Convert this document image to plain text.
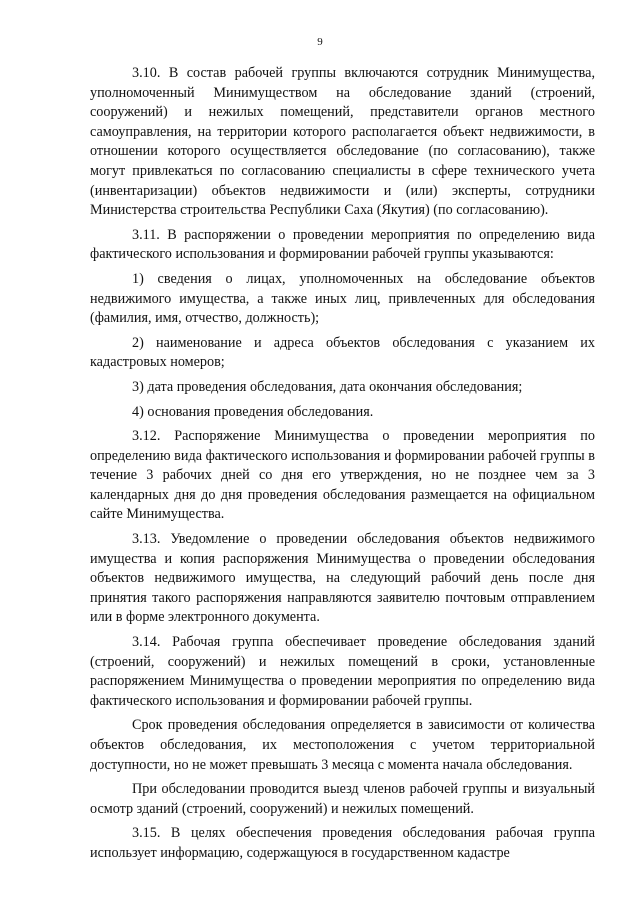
9

3.10. В состав рабочей группы включаются сотрудник Минимущества, уполномоченный Минимуществом на обследование зданий (строений, сооружений) и нежилых помещений, представители органов местного самоуправления, на территории которого располагается объект недвижимости, в отношении которого осуществляется обследование (по согласованию), также могут привлекаться по согласованию специалисты в сфере технического учета (инвентаризации) объектов недвижимости и (или) эксперты, сотрудники Министерства строительства Республики Саха (Якутия) (по согласованию).

3.11. В распоряжении о проведении мероприятия по определению вида фактического использования и формировании рабочей группы указываются:

1) сведения о лицах, уполномоченных на обследование объектов недвижимого имущества, а также иных лиц, привлеченных для обследования (фамилия, имя, отчество, должность);

2) наименование и адреса объектов обследования с указанием их кадастровых номеров;

3) дата проведения обследования, дата окончания обследования;

4) основания проведения обследования.

3.12. Распоряжение Минимущества о проведении мероприятия по определению вида фактического использования и формировании рабочей группы в течение 3 рабочих дней со дня его утверждения, но не позднее чем за 3 календарных дня до дня проведения обследования размещается на официальном сайте Минимущества.

3.13. Уведомление о проведении обследования объектов недвижимого имущества и копия распоряжения Минимущества о проведении обследования объектов недвижимого имущества, на следующий рабочий день после дня принятия такого распоряжения направляются заявителю почтовым отправлением или в форме электронного документа.

3.14. Рабочая группа обеспечивает проведение обследования зданий (строений, сооружений) и нежилых помещений в сроки, установленные распоряжением Минимущества о проведении мероприятия по определению вида фактического использования и формировании рабочей группы.

Срок проведения обследования определяется в зависимости от количества объектов обследования, их местоположения с учетом территориальной доступности, но не может превышать 3 месяца с момента начала обследования.

При обследовании проводится выезд членов рабочей группы и визуальный осмотр зданий (строений, сооружений) и нежилых помещений.

3.15. В целях обеспечения проведения обследования рабочая группа использует информацию, содержащуюся в государственном кадастре
